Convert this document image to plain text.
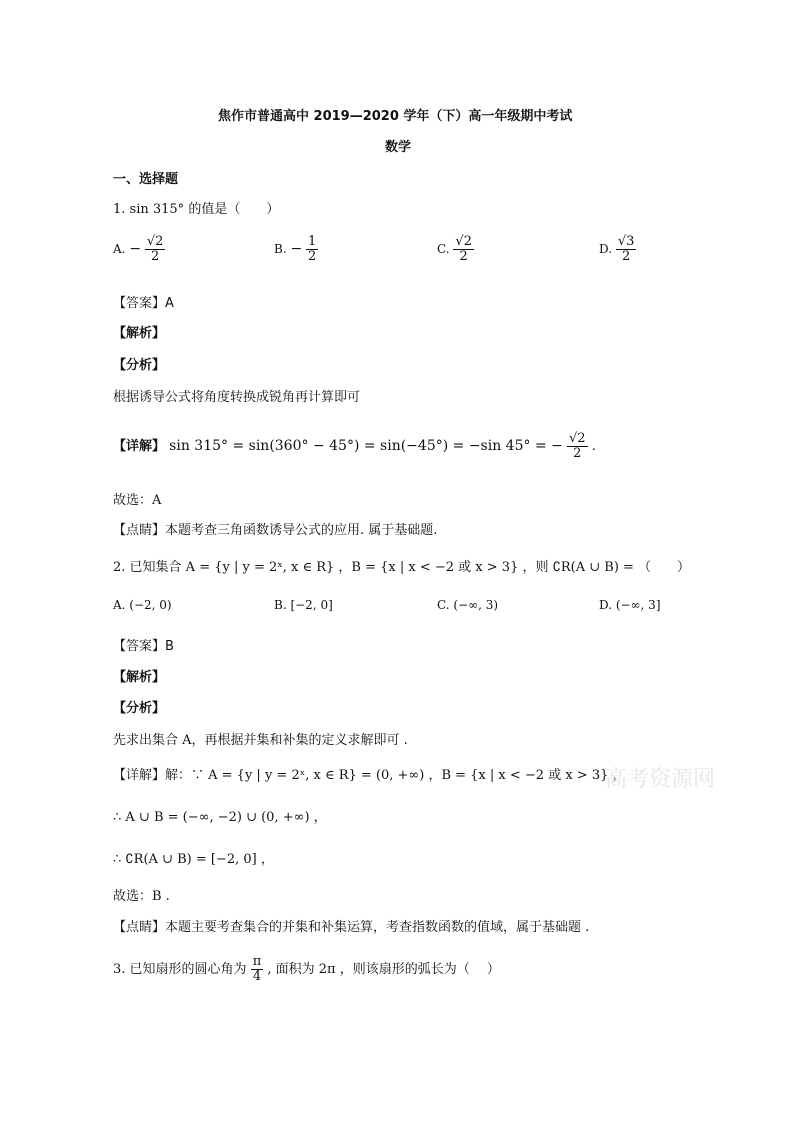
焦作市普通高中 2019—2020 学年（下）高一年级期中考试
数学
一、选择题
1. sin 315° 的值是（　　）
A. − $\frac{√2}{2}$	B. − $\frac{1}{2}$	C. $\frac{√2}{2}$	D. $\frac{√3}{2}$
【答案】A
【解析】
【分析】
根据诱导公式将角度转换成锐角再计算即可
【详解】 sin 315° = sin(360° − 45°) = sin(−45°) = −sin 45° = − $\frac{√2}{2}$ .
故选：A
【点睛】本题考查三角函数诱导公式的应用. 属于基础题.
2. 已知集合 A = {y | y = 2ˣ, x ∈ R} ，B = {x | x < −2 或 x > 3} ，则 ∁R(A ∪ B) = （　　）
A. (−2, 0)	B. [−2, 0]	C. (−∞, 3)	D. (−∞, 3]
【答案】B
【解析】
【分析】
先求出集合 A，再根据并集和补集的定义求解即可 .
【详解】解：∵ A = {y | y = 2ˣ, x ∈ R} = (0, +∞) ，B = {x | x < −2 或 x > 3} ，
高考资源网
∴ A ∪ B = (−∞, −2) ∪ (0, +∞) ，
∴ ∁R(A ∪ B) = [−2, 0] ，
故选：B .
【点睛】本题主要考查集合的并集和补集运算，考查指数函数的值域，属于基础题 .
3. 已知扇形的圆心角为 $\frac{\pi}{4}$ , 面积为 2π ，则该扇形的弧长为（　 ）
